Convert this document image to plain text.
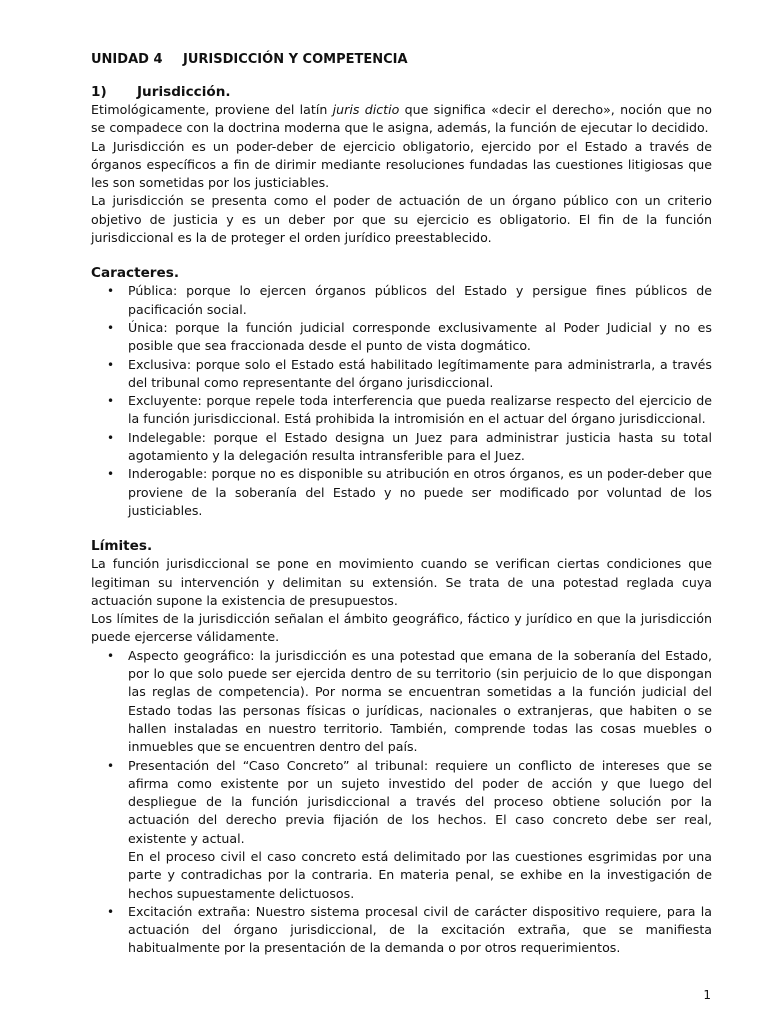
UNIDAD 4 JURISDICCIÓN Y COMPETENCIA
1) Jurisdicción.

Etimológicamente, proviene del latín juris dictio que significa «decir el derecho», noción que no se compadece con la doctrina moderna que le asigna, además, la función de ejecutar lo decidido.

La Jurisdicción es un poder-deber de ejercicio obligatorio, ejercido por el Estado a través de órganos específicos a fin de dirimir mediante resoluciones fundadas las cuestiones litigiosas que les son sometidas por los justiciables.

La jurisdicción se presenta como el poder de actuación de un órgano público con un criterio objetivo de justicia y es un deber por que su ejercicio es obligatorio. El fin de la función jurisdiccional es la de proteger el orden jurídico preestablecido.

Caracteres.
• Pública: porque lo ejercen órganos públicos del Estado y persigue fines públicos de pacificación social.
• Única: porque la función judicial corresponde exclusivamente al Poder Judicial y no es posible que sea fraccionada desde el punto de vista dogmático.
• Exclusiva: porque solo el Estado está habilitado legítimamente para administrarla, a través del tribunal como representante del órgano jurisdiccional.
• Excluyente: porque repele toda interferencia que pueda realizarse respecto del ejercicio de la función jurisdiccional. Está prohibida la intromisión en el actuar del órgano jurisdiccional.
• Indelegable: porque el Estado designa un Juez para administrar justicia hasta su total agotamiento y la delegación resulta intransferible para el Juez.
• Inderogable: porque no es disponible su atribución en otros órganos, es un poder-deber que proviene de la soberanía del Estado y no puede ser modificado por voluntad de los justiciables.
Límites.

La función jurisdiccional se pone en movimiento cuando se verifican ciertas condiciones que legitiman su intervención y delimitan su extensión. Se trata de una potestad reglada cuya actuación supone la existencia de presupuestos.

Los límites de la jurisdicción señalan el ámbito geográfico, fáctico y jurídico en que la jurisdicción puede ejercerse válidamente.

• Aspecto geográfico: la jurisdicción es una potestad que emana de la soberanía del Estado, por lo que solo puede ser ejercida dentro de su territorio (sin perjuicio de lo que dispongan las reglas de competencia). Por norma se encuentran sometidas a la función judicial del Estado todas las personas físicas o jurídicas, nacionales o extranjeras, que habiten o se hallen instaladas en nuestro territorio. También, comprende todas las cosas muebles o inmuebles que se encuentren dentro del país.
• Presentación del “Caso Concreto” al tribunal: requiere un conflicto de intereses que se afirma como existente por un sujeto investido del poder de acción y que luego del despliegue de la función jurisdiccional a través del proceso obtiene solución por la actuación del derecho previa fijación de los hechos. El caso concreto debe ser real, existente y actual.
En el proceso civil el caso concreto está delimitado por las cuestiones esgrimidas por una parte y contradichas por la contraria. En materia penal, se exhibe en la investigación de hechos supuestamente delictuosos.
• Excitación extraña: Nuestro sistema procesal civil de carácter dispositivo requiere, para la actuación del órgano jurisdiccional, de la excitación extraña, que se manifiesta habitualmente por la presentación de la demanda o por otros requerimientos.
1
